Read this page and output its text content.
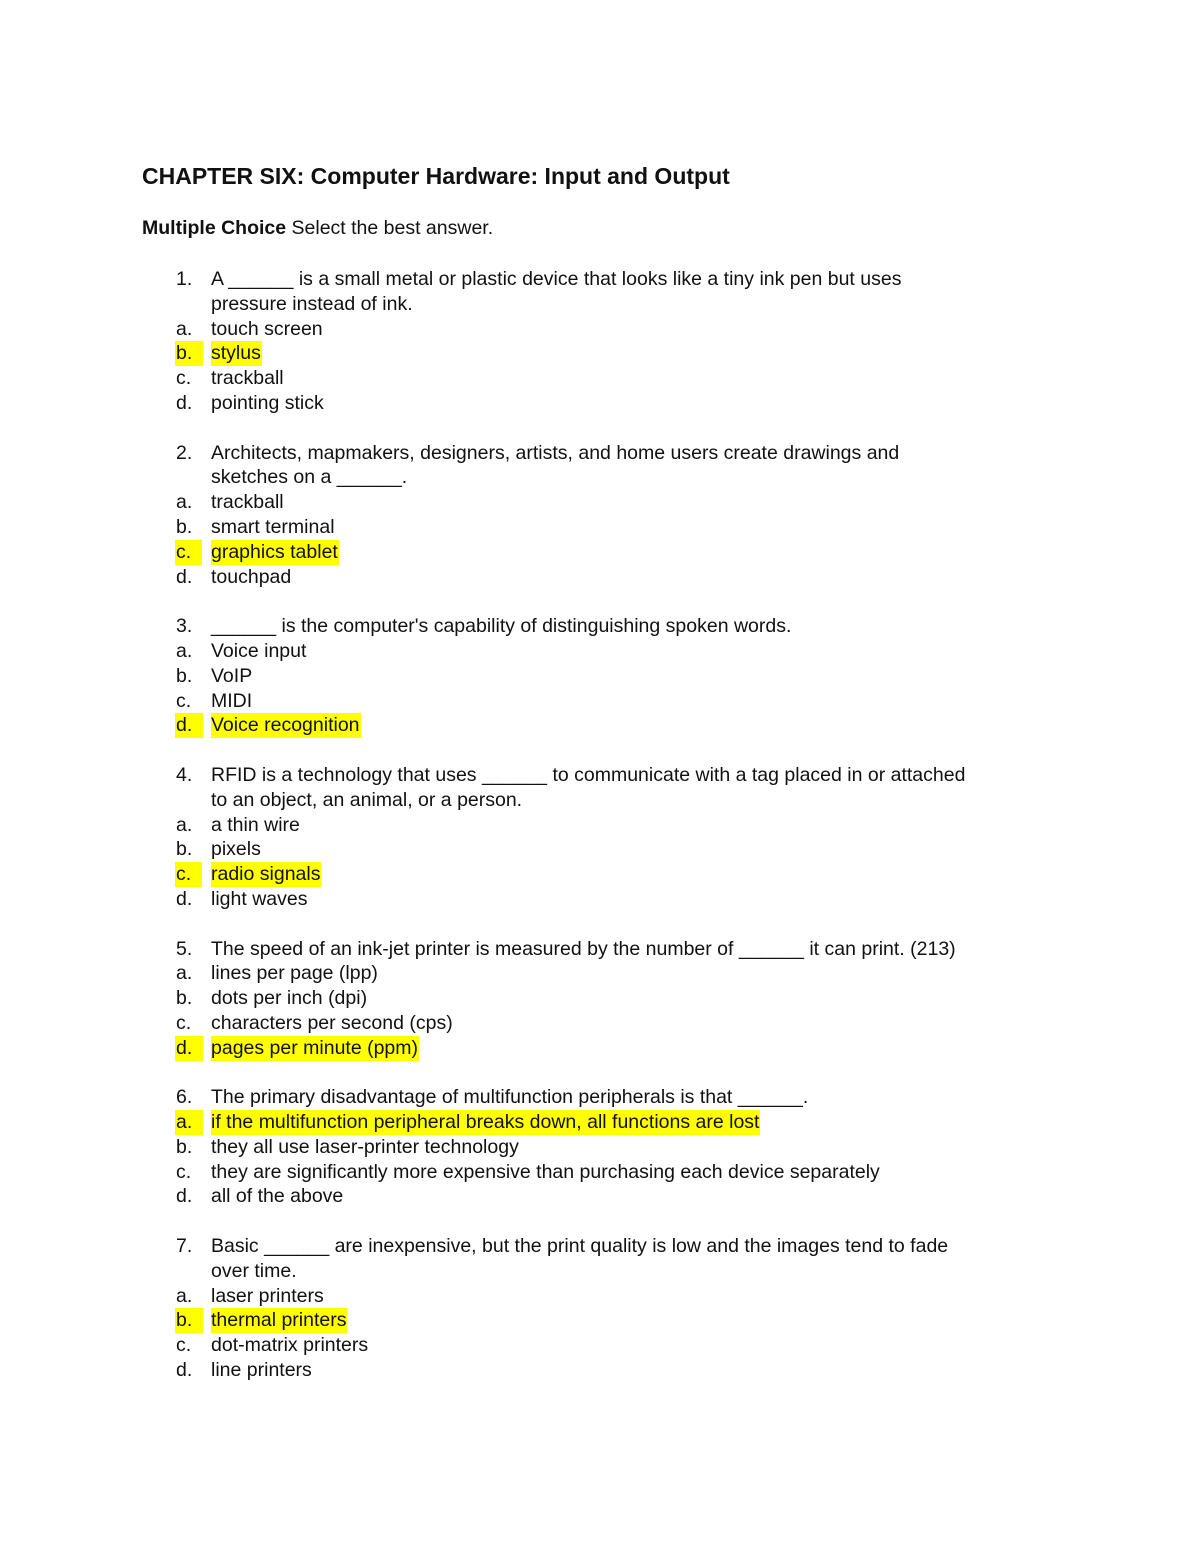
CHAPTER SIX: Computer Hardware: Input and Output
Multiple Choice Select the best answer.
1. A ______ is a small metal or plastic device that looks like a tiny ink pen but uses
pressure instead of ink.
a. touch screen
b. stylus
c. trackball
d. pointing stick
2. Architects, mapmakers, designers, artists, and home users create drawings and
sketches on a ______.
a. trackball
b. smart terminal
c.	graphics tablet
d. touchpad
3. ______ is the computer's capability of distinguishing spoken words.
a. Voice input
b. VoIP
c. MIDI
d. Voice recognition
4. RFID is a technology that uses ______ to communicate with a tag placed in or attached
to an object, an animal, or a person.
a. a thin wire
b. pixels
c.	radio signals
d. light waves
5. The speed of an ink-jet printer is measured by the number of ______ it can print. (213)
a. lines per page (lpp)
b. dots per inch (dpi)
c. characters per second (cps)
d. pages per minute (ppm)
6. The primary disadvantage of multifunction peripherals is that ______.
a. if the multifunction peripheral breaks down, all functions are lost
b. they all use laser-printer technology
c. they are significantly more expensive than purchasing each device separately
d. all of the above
7. Basic ______ are inexpensive, but the print quality is low and the images tend to fade
over time.
a. laser printers
b. thermal printers
c. dot-matrix printers
d. line printers
